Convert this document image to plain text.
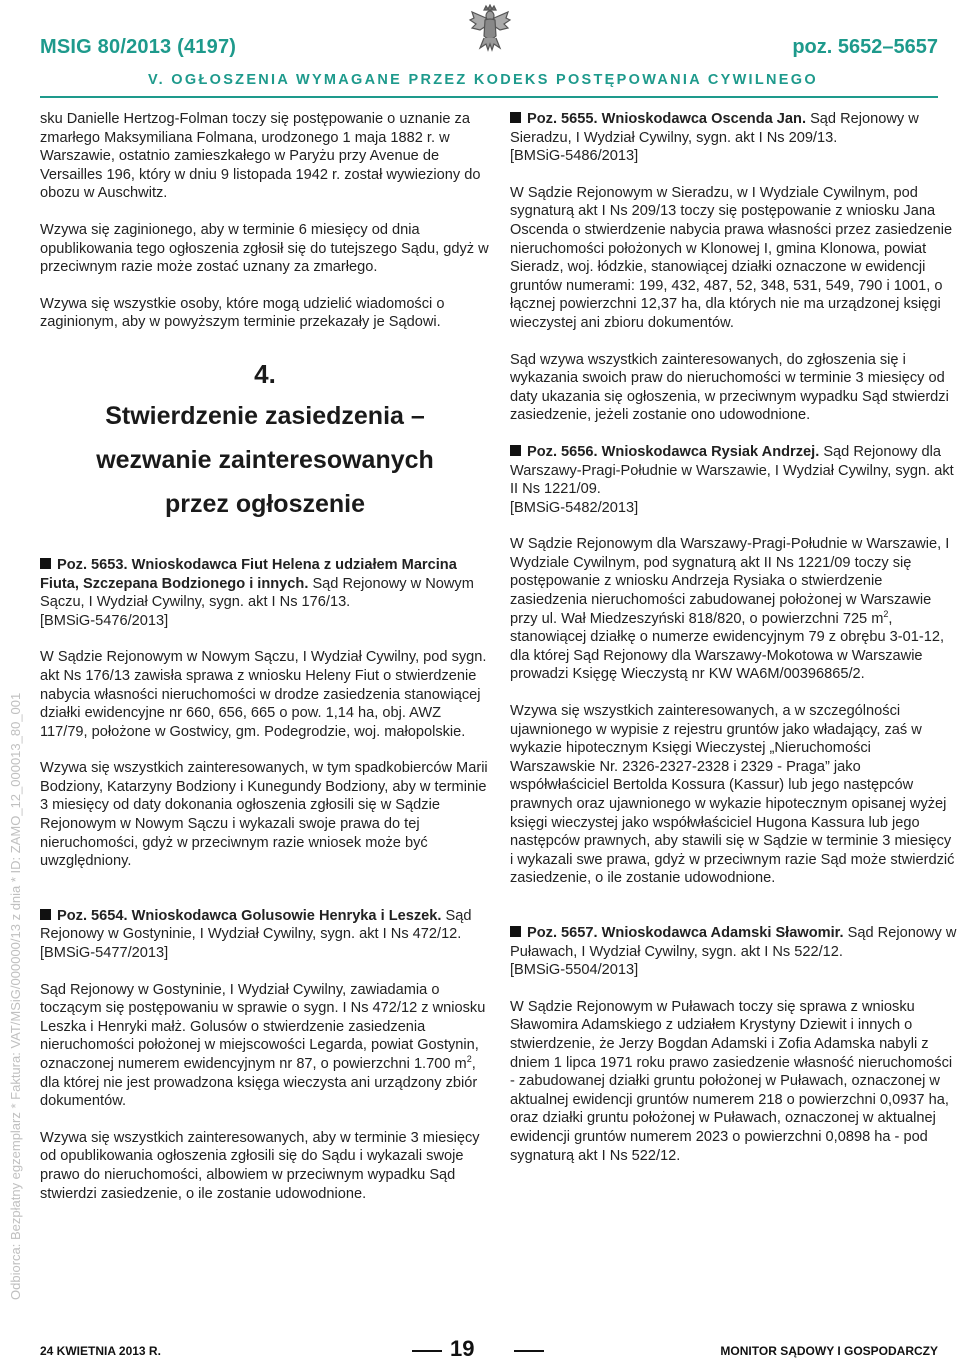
MSIG 80/2013 (4197)	poz. 5652–5657
V. OGŁOSZENIA WYMAGANE PRZEZ KODEKS POSTĘPOWANIA CYWILNEGO
Odbiorca: Bezpłatny egzemplarz * Faktura: VAT/MSiG/000000/13 z dnia * ID: ZAMO_12_000013_80_001

sku Danielle Hertzog-Folman toczy się postępowanie o uznanie za zmarłego Maksymiliana Folmana, urodzonego 1 maja 1882 r. w Warszawie, ostatnio zamieszkałego w Paryżu przy Avenue de Versailles 196, który w dniu 9 listopada 1942 r. został wywieziony do obozu w Auschwitz.

Wzywa się zaginionego, aby w terminie 6 miesięcy od dnia opublikowania tego ogłoszenia zgłosił się do tutejszego Sądu, gdyż w przeciwnym razie może zostać uznany za zmarłego.

Wzywa się wszystkie osoby, które mogą udzielić wiadomości o zaginionym, aby w powyższym terminie przekazały je Sądowi.

4.
Stwierdzenie zasiedzenia –
wezwanie zainteresowanych
przez ogłoszenie

Poz. 5653. Wnioskodawca Fiut Helena z udziałem Marcina Fiuta, Szczepana Bodzionego i innych. Sąd Rejonowy w Nowym Sączu, I Wydział Cywilny, sygn. akt I Ns 176/13.
[BMSiG-5476/2013]

W Sądzie Rejonowym w Nowym Sączu, I Wydział Cywilny, pod sygn. akt Ns 176/13 zawisła sprawa z wniosku Heleny Fiut o stwierdzenie nabycia własności nieruchomości w drodze zasiedzenia stanowiącej działki ewidencyjne nr 660, 656, 665 o pow. 1,14 ha, obj. AWZ 117/79, położone w Gostwicy, gm. Podegrodzie, woj. małopolskie.

Wzywa się wszystkich zainteresowanych, w tym spadkobierców Marii Bodziony, Katarzyny Bodziony i Kunegundy Bodziony, aby w terminie 3 miesięcy od daty dokonania ogłoszenia zgłosili się w Sądzie Rejonowym w Nowym Sączu i wykazali swoje prawa do tej nieruchomości, gdyż w przeciwnym razie wniosek może być uwzględniony.

Poz. 5654. Wnioskodawca Golusowie Henryka i Leszek. Sąd Rejonowy w Gostyninie, I Wydział Cywilny, sygn. akt I Ns 472/12.
[BMSiG-5477/2013]

Sąd Rejonowy w Gostyninie, I Wydział Cywilny, zawiadamia o toczącym się postępowaniu w sprawie o sygn. I Ns 472/12 z wniosku Leszka i Henryki małż. Golusów o stwierdzenie zasiedzenia nieruchomości położonej w miejscowości Legarda, powiat Gostynin, oznaczonej numerem ewidencyjnym nr 87, o powierzchni 1.700 $m^2$, dla której nie jest prowadzona księga wieczysta ani urządzony zbiór dokumentów.

Wzywa się wszystkich zainteresowanych, aby w terminie 3 miesięcy od opublikowania ogłoszenia zgłosili się do Sądu i wykazali swoje prawo do nieruchomości, albowiem w przeciwnym wypadku Sąd stwierdzi zasiedzenie, o ile zostanie udowodnione.

Poz. 5655. Wnioskodawca Oscenda Jan. Sąd Rejonowy w Sieradzu, I Wydział Cywilny, sygn. akt I Ns 209/13.
[BMSiG-5486/2013]

W Sądzie Rejonowym w Sieradzu, w I Wydziale Cywilnym, pod sygnaturą akt I Ns 209/13 toczy się postępowanie z wniosku Jana Oscenda o stwierdzenie nabycia prawa własności przez zasiedzenie nieruchomości położonych w Klonowej I, gmina Klonowa, powiat Sieradz, woj. łódzkie, stanowiącej działki oznaczone w ewidencji gruntów numerami: 199, 432, 487, 52, 348, 531, 549, 790 i 1001, o łącznej powierzchni 12,37 ha, dla których nie ma urządzonej księgi wieczystej ani zbioru dokumentów.

Sąd wzywa wszystkich zainteresowanych, do zgłoszenia się i wykazania swoich praw do nieruchomości w terminie 3 miesięcy od daty ukazania się ogłoszenia, w przeciwnym wypadku Sąd stwierdzi zasiedzenie, jeżeli zostanie ono udowodnione.

Poz. 5656. Wnioskodawca Rysiak Andrzej. Sąd Rejonowy dla Warszawy-Pragi-Południe w Warszawie, I Wydział Cywilny, sygn. akt II Ns 1221/09.
[BMSiG-5482/2013]

W Sądzie Rejonowym dla Warszawy-Pragi-Południe w Warszawie, I Wydziale Cywilnym, pod sygnaturą akt II Ns 1221/09 toczy się postępowanie z wniosku Andrzeja Rysiaka o stwierdzenie zasiedzenia nieruchomości zabudowanej położonej w Warszawie przy ul. Wał Miedzeszyński 818/820, o powierzchni 725 $m^2$, stanowiącej działkę o numerze ewidencyjnym 79 z obrębu 3-01-12, dla której Sąd Rejonowy dla Warszawy-Mokotowa w Warszawie prowadzi Księgę Wieczystą nr KW WA6M/00396865/2.

Wzywa się wszystkich zainteresowanych, a w szczególności ujawnionego w wypisie z rejestru gruntów jako władający, zaś w wykazie hipotecznym Księgi Wieczystej „Nieruchomości Warszawskie Nr. 2326-2327-2328 i 2329 - Praga” jako współwłaściciel Bertolda Kossura (Kassur) lub jego następców prawnych oraz ujawnionego w wykazie hipotecznym opisanej wyżej księgi wieczystej jako współwłaściciel Hugona Kassura lub jego następców prawnych, aby stawili się w Sądzie w terminie 3 miesięcy i wykazali swe prawa, gdyż w przeciwnym razie Sąd może stwierdzić zasiedzenie, o ile zostanie udowodnione.

Poz. 5657. Wnioskodawca Adamski Sławomir. Sąd Rejonowy w Puławach, I Wydział Cywilny, sygn. akt I Ns 522/12.
[BMSiG-5504/2013]

W Sądzie Rejonowym w Puławach toczy się sprawa z wniosku Sławomira Adamskiego z udziałem Krystyny Dziewit i innych o stwierdzenie, że Jerzy Bogdan Adamski i Zofia Adamska nabyli z dniem 1 lipca 1971 roku prawo zasiedzenie własność nieruchomości - zabudowanej działki gruntu położonej w Puławach, oznaczonej w aktualnej ewidencji gruntów numerem 218 o powierzchni 0,0937 ha, oraz działki gruntu położonej w Puławach, oznaczonej w aktualnej ewidencji gruntów numerem 2023 o powierzchni 0,0898 ha - pod sygnaturą akt I Ns 522/12.

24 KWIETNIA 2013 R.	19	MONITOR SĄDOWY I GOSPODARCZY
